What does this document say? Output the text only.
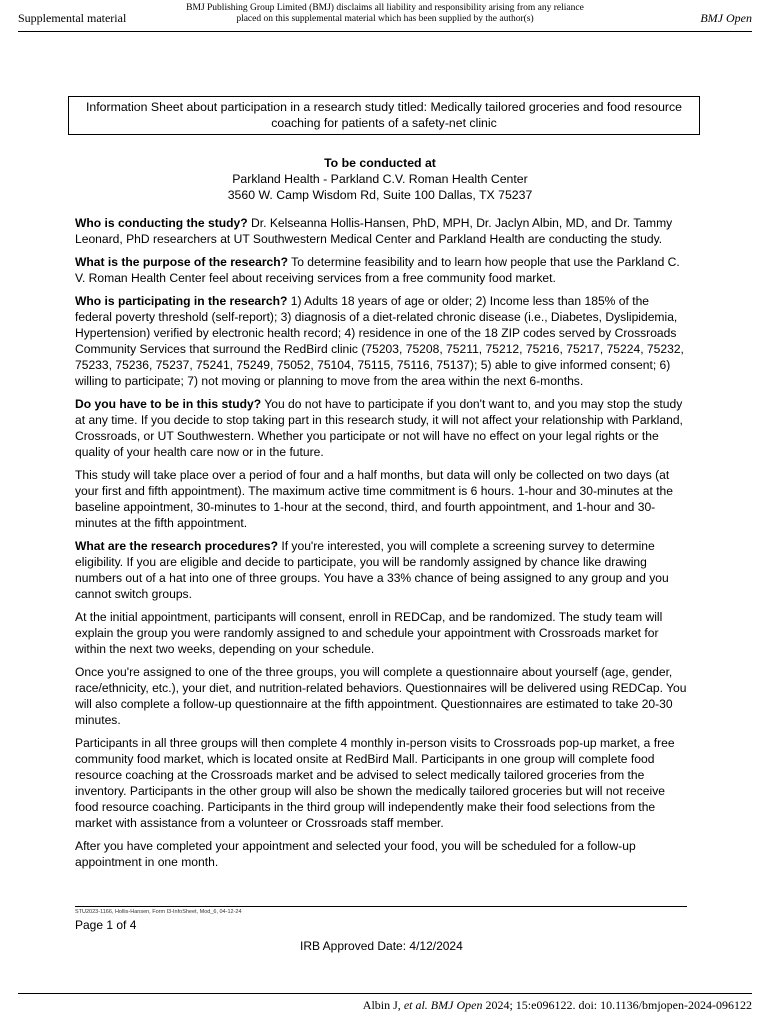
Supplemental material
BMJ Publishing Group Limited (BMJ) disclaims all liability and responsibility arising from any reliance
placed on this supplemental material which has been supplied by the author(s)	BMJ Open
Information Sheet about participation in a research study titled: Medically tailored groceries and food resource coaching for patients of a safety-net clinic
To be conducted at
Parkland Health - Parkland C.V. Roman Health Center
3560 W. Camp Wisdom Rd, Suite 100 Dallas, TX 75237

Who is conducting the study? Dr. Kelseanna Hollis-Hansen, PhD, MPH, Dr. Jaclyn Albin, MD, and Dr. Tammy Leonard, PhD researchers at UT Southwestern Medical Center and Parkland Health are conducting the study.

What is the purpose of the research? To determine feasibility and to learn how people that use the Parkland C. V. Roman Health Center feel about receiving services from a free community food market.

Who is participating in the research? 1) Adults 18 years of age or older; 2) Income less than 185% of the federal poverty threshold (self-report); 3) diagnosis of a diet-related chronic disease (i.e., Diabetes, Dyslipidemia, Hypertension) verified by electronic health record; 4) residence in one of the 18 ZIP codes served by Crossroads Community Services that surround the RedBird clinic (75203, 75208, 75211, 75212, 75216, 75217, 75224, 75232, 75233, 75236, 75237, 75241, 75249, 75052, 75104, 75115, 75116, 75137); 5) able to give informed consent; 6) willing to participate; 7) not moving or planning to move from the area within the next 6-months.

Do you have to be in this study? You do not have to participate if you don't want to, and you may stop the study at any time. If you decide to stop taking part in this research study, it will not affect your relationship with Parkland, Crossroads, or UT Southwestern. Whether you participate or not will have no effect on your legal rights or the quality of your health care now or in the future.

This study will take place over a period of four and a half months, but data will only be collected on two days (at your first and fifth appointment). The maximum active time commitment is 6 hours. 1-hour and 30-minutes at the baseline appointment, 30-minutes to 1-hour at the second, third, and fourth appointment, and 1-hour and 30-minutes at the fifth appointment.

What are the research procedures? If you're interested, you will complete a screening survey to determine eligibility. If you are eligible and decide to participate, you will be randomly assigned by chance like drawing numbers out of a hat into one of three groups. You have a 33% chance of being assigned to any group and you cannot switch groups.

At the initial appointment, participants will consent, enroll in REDCap, and be randomized. The study team will explain the group you were randomly assigned to and schedule your appointment with Crossroads market for within the next two weeks, depending on your schedule.

Once you're assigned to one of the three groups, you will complete a questionnaire about yourself (age, gender, race/ethnicity, etc.), your diet, and nutrition-related behaviors. Questionnaires will be delivered using REDCap. You will also complete a follow-up questionnaire at the fifth appointment. Questionnaires are estimated to take 20-30 minutes.

Participants in all three groups will then complete 4 monthly in-person visits to Crossroads pop-up market, a free community food market, which is located onsite at RedBird Mall. Participants in one group will complete food resource coaching at the Crossroads market and be advised to select medically tailored groceries from the inventory. Participants in the other group will also be shown the medically tailored groceries but will not receive food resource coaching. Participants in the third group will independently make their food selections from the market with assistance from a volunteer or Crossroads staff member.

After you have completed your appointment and selected your food, you will be scheduled for a follow-up appointment in one month.

STU2023-1166, Hollis-Hansen, Form I3-InfoSheet, Mod_6, 04-12-24
Page 1 of 4
IRB Approved Date: 4/12/2024
Albin J, et al. BMJ Open 2024; 15:e096122. doi: 10.1136/bmjopen-2024-096122
